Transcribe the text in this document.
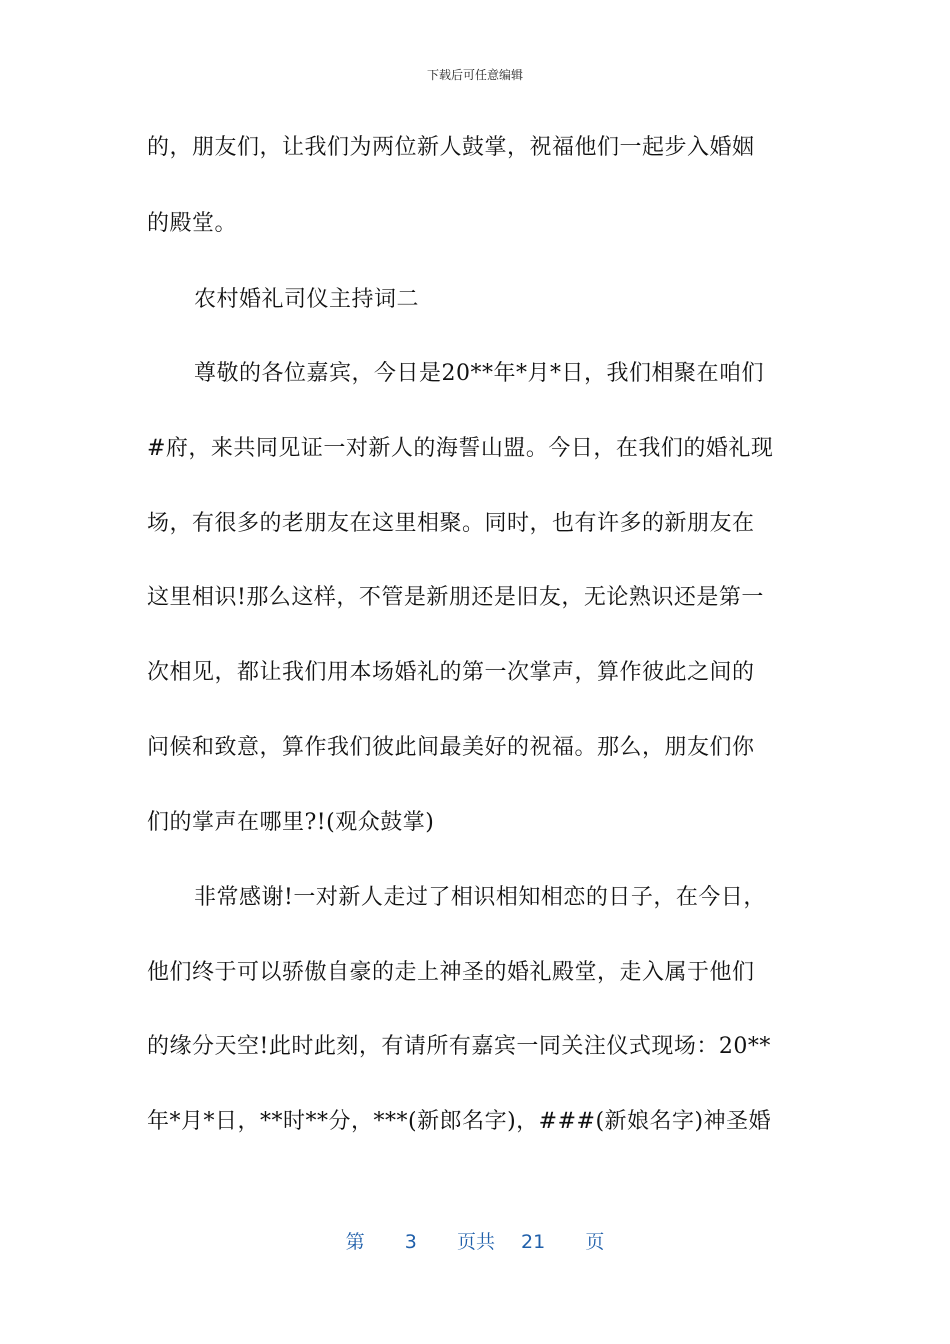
下载后可任意编辑
的，朋友们，让我们为两位新人鼓掌，祝福他们一起步入婚姻
的殿堂。
农村婚礼司仪主持词二
尊敬的各位嘉宾，今日是20**年*月*日，我们相聚在咱们
#府，来共同见证一对新人的海誓山盟。今日，在我们的婚礼现
场，有很多的老朋友在这里相聚。同时，也有许多的新朋友在
这里相识!那么这样，不管是新朋还是旧友，无论熟识还是第一
次相见，都让我们用本场婚礼的第一次掌声，算作彼此之间的
问候和致意，算作我们彼此间最美好的祝福。那么，朋友们你
们的掌声在哪里?!(观众鼓掌)
非常感谢!一对新人走过了相识相知相恋的日子，在今日，
他们终于可以骄傲自豪的走上神圣的婚礼殿堂，走入属于他们
的缘分天空!此时此刻，有请所有嘉宾一同关注仪式现场：20**
年*月*日，**时**分，***(新郎名字)，###(新娘名字)神圣婚
第 3 页共 21 页
